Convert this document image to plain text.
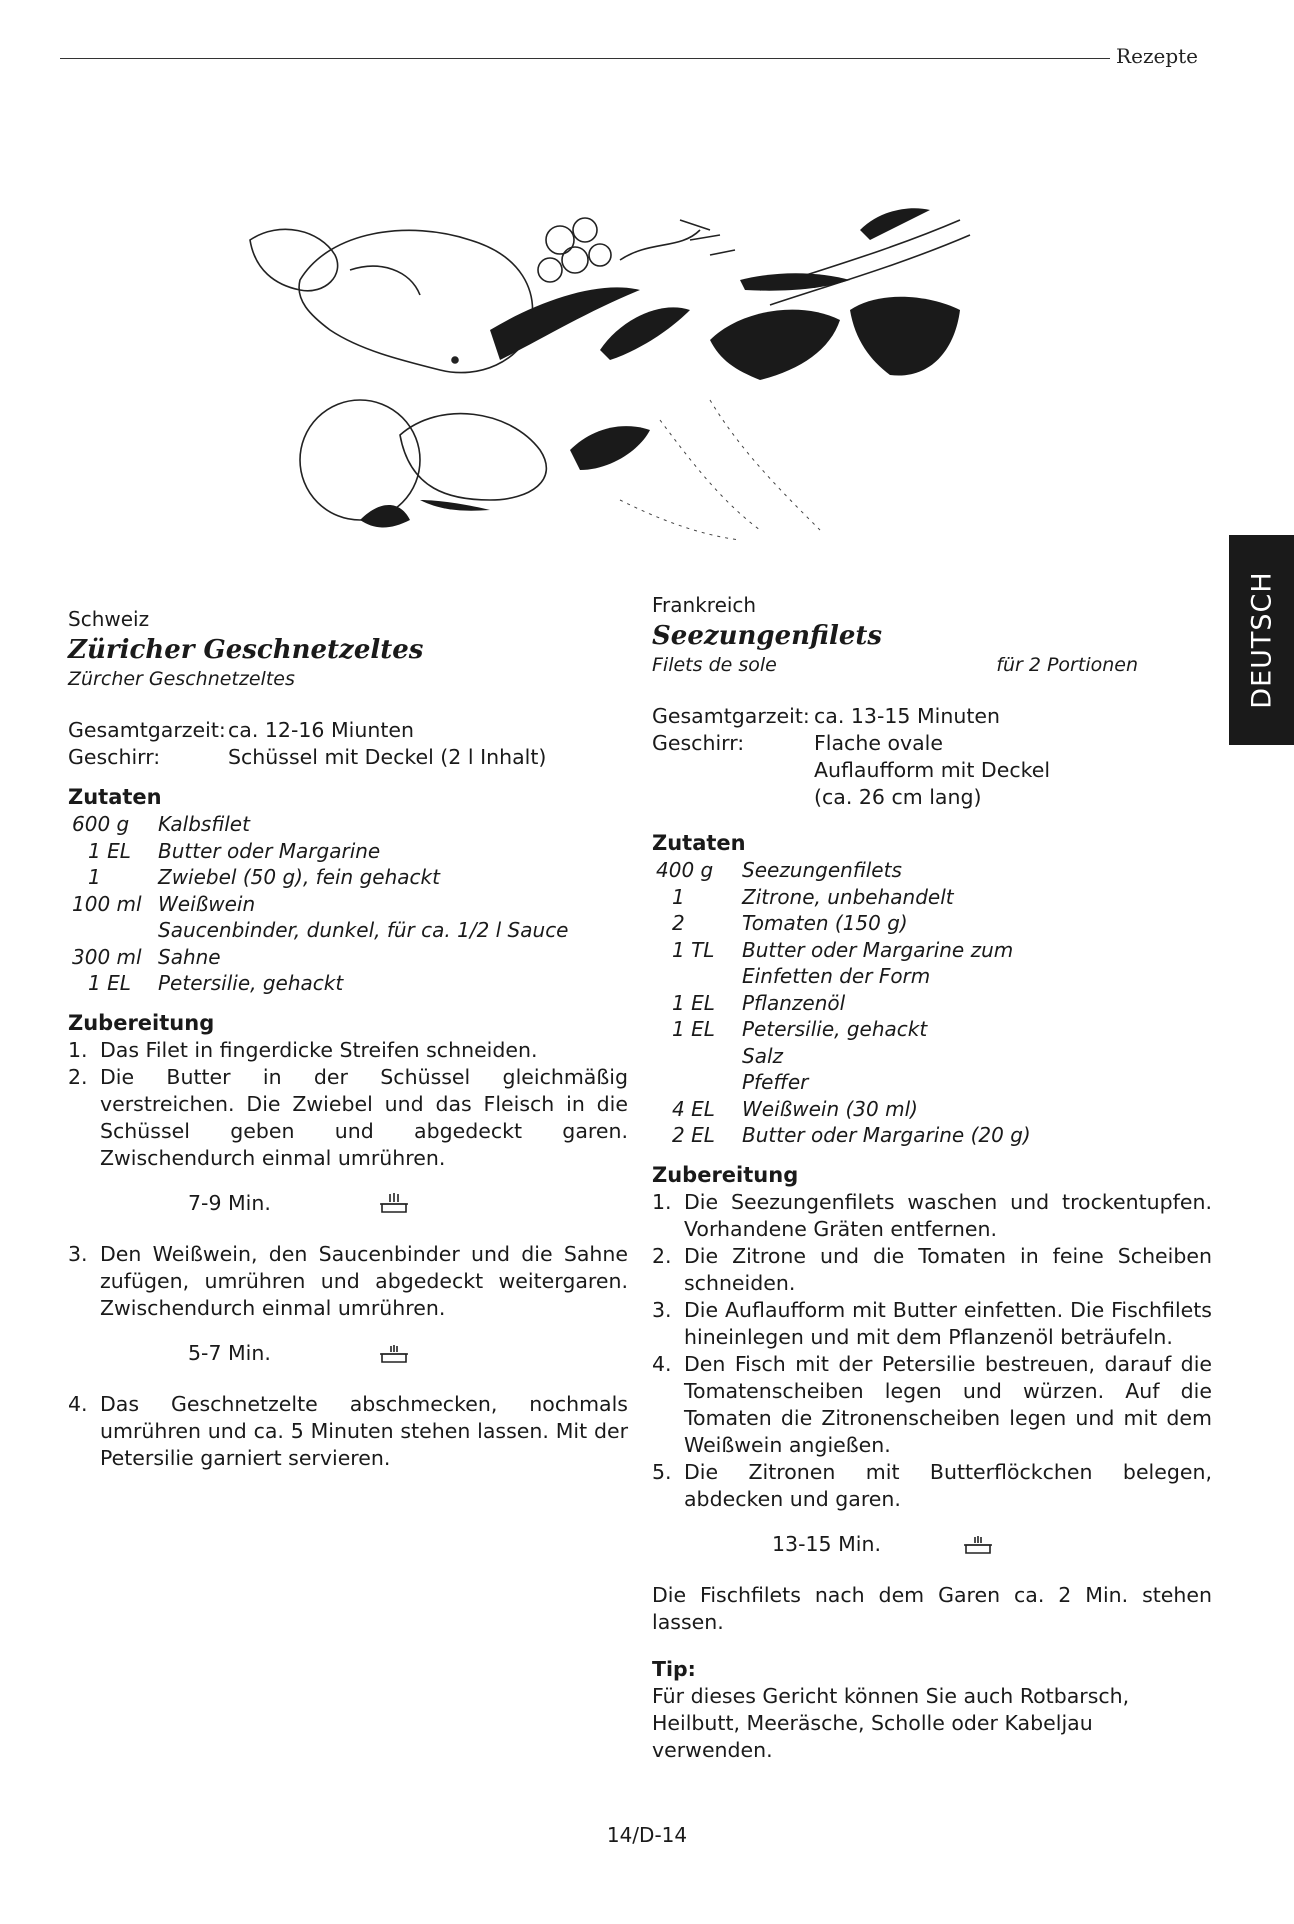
Rezepte
DEUTSCH
Schweiz
Züricher Geschnetzeltes
Zürcher Geschnetzeltes
Gesamtgarzeit: ca. 12-16 Miunten
Geschirr:	Schüssel mit Deckel (2 l Inhalt)
Zutaten
600 g	Kalbsfilet
1 EL	Butter oder Margarine
1	Zwiebel (50 g), fein gehackt
100 ml Weißwein
Saucenbinder, dunkel, für ca. 1/2 l Sauce
300 ml Sahne
1 EL	Petersilie, gehackt
Zubereitung
1. Das Filet in fingerdicke Streifen schneiden.
2. Die Butter in der Schüssel gleichmäßig verstreichen. Die Zwiebel und das Fleisch in die Schüssel geben und abgedeckt garen. Zwischendurch einmal umrühren.
7-9 Min.
3. Den Weißwein, den Saucenbinder und die Sahne zufügen, umrühren und abgedeckt weitergaren. Zwischendurch einmal umrühren.
5-7 Min.
4. Das Geschnetzelte abschmecken, nochmals umrühren und ca. 5 Minuten stehen lassen. Mit der Petersilie garniert servieren.
Frankreich
Seezungenfilets
Filets de sole	für 2 Portionen
Gesamtgarzeit: ca. 13-15 Minuten
Geschirr:	Flache ovale
Auflaufform mit Deckel
(ca. 26 cm lang)
Zutaten
400 g	Seezungenfilets
1	Zitrone, unbehandelt
2	Tomaten (150 g)
1 TL	Butter oder Margarine zum
Einfetten der Form
1 EL	Pflanzenöl
1 EL	Petersilie, gehackt
Salz
Pfeffer
4 EL	Weißwein (30 ml)
2 EL	Butter oder Margarine (20 g)
Zubereitung
1. Die Seezungenfilets waschen und trockentupfen. Vorhandene Gräten entfernen.
2. Die Zitrone und die Tomaten in feine Scheiben schneiden.
3. Die Auflaufform mit Butter einfetten. Die Fischfilets hineinlegen und mit dem Pflanzenöl beträufeln.
4. Den Fisch mit der Petersilie bestreuen, darauf die Tomatenscheiben legen und würzen. Auf die Tomaten die Zitronenscheiben legen und mit dem Weißwein angießen.
5. Die Zitronen mit Butterflöckchen belegen, abdecken und garen.
13-15 Min.
Die Fischfilets nach dem Garen ca. 2 Min. stehen lassen.
Tip:
Für dieses Gericht können Sie auch Rotbarsch, Heilbutt, Meeräsche, Scholle oder Kabeljau verwenden.
14/D-14
